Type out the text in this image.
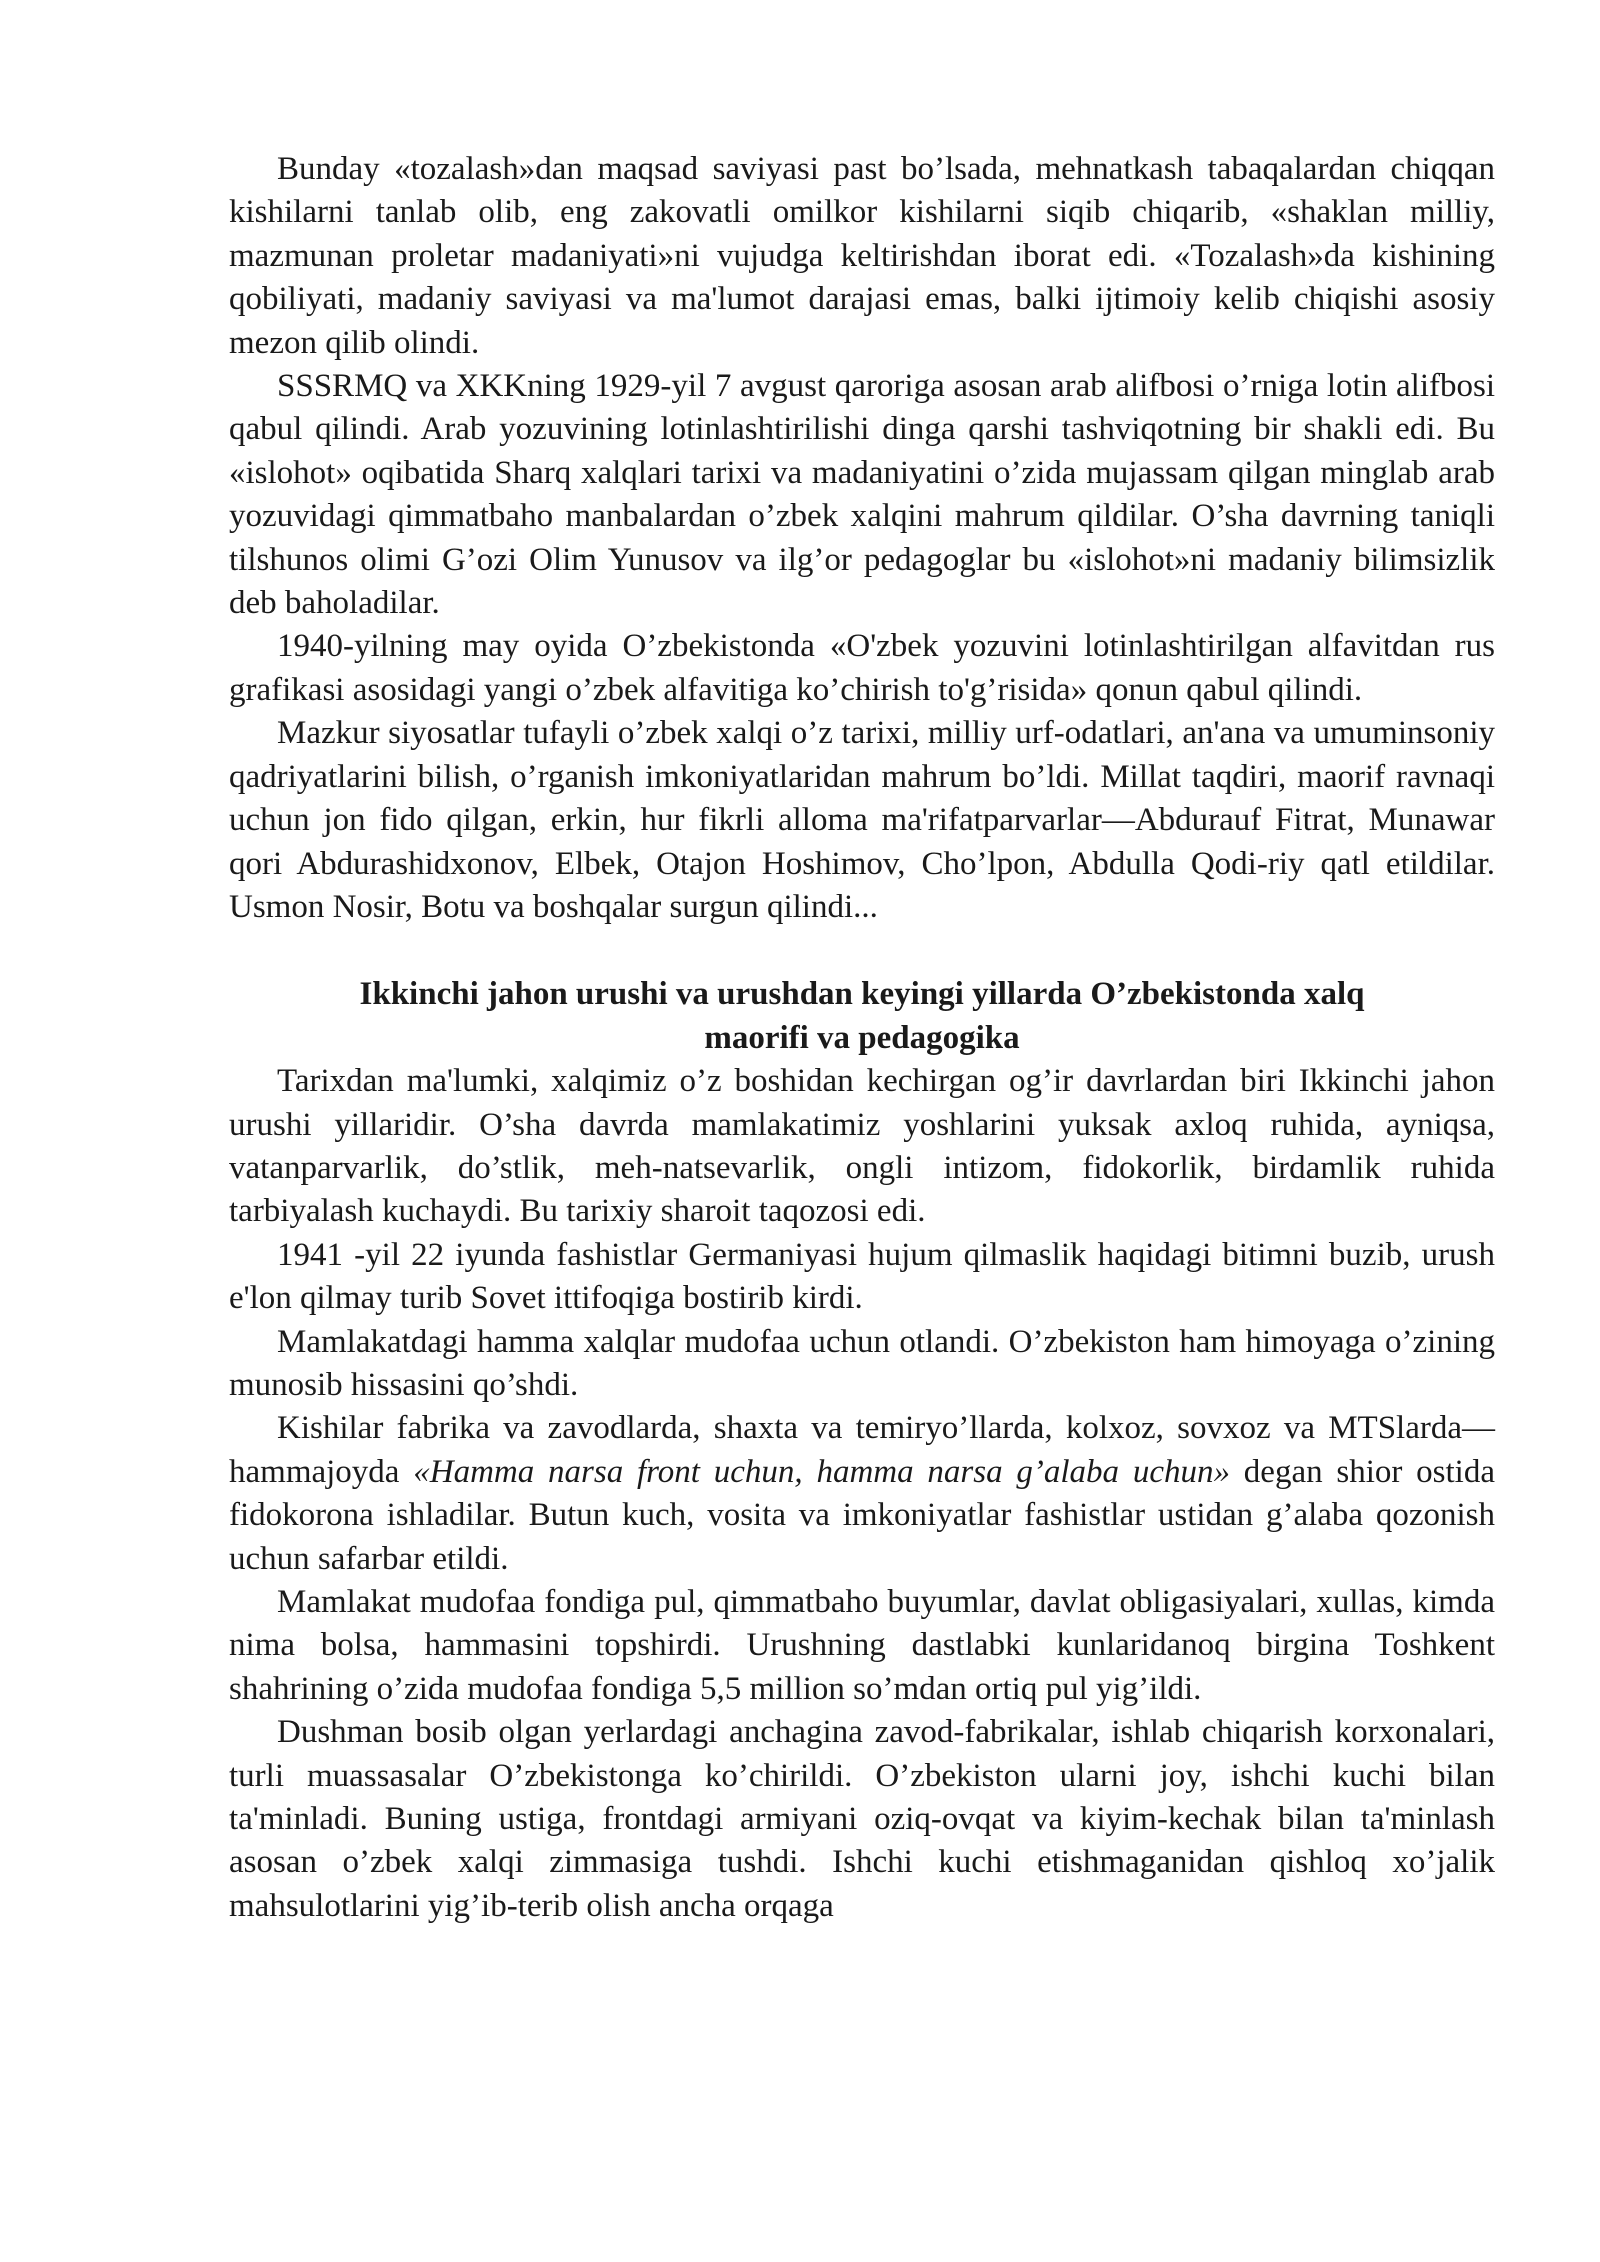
Bunday «tozalash»dan maqsad saviyasi past bo’lsada, mehnatkash tabaqalardan chiqqan kishilarni tanlab olib, eng zakovatli omilkor kishilarni siqib chiqarib, «shaklan milliy, mazmunan proletar madaniyati»ni vujudga keltirishdan iborat edi. «Tozalash»da kishining qobiliyati, madaniy saviyasi va ma'lumot darajasi emas, balki ijtimoiy kelib chiqishi asosiy mezon qilib olindi.

SSSRMQ va XKKning 1929-yil 7 avgust qaroriga asosan arab alifbosi o’rniga lotin alifbosi qabul qilindi. Arab yozuvining lotinlashtirilishi dinga qarshi tashviqotning bir shakli edi. Bu «islohot» oqibatida Sharq xalqlari tarixi va madaniyatini o’zida mujassam qilgan minglab arab yozuvidagi qimmatbaho manbalardan o’zbek xalqini mahrum qildilar. O’sha davrning taniqli tilshunos olimi G’ozi Olim Yunusov va ilg’or pedagoglar bu «islohot»ni madaniy bilimsizlik deb baholadilar.

1940-yilning may oyida O’zbekistonda «O'zbek yozuvini lotinlashtirilgan alfavitdan rus grafikasi asosidagi yangi o’zbek alfavitiga ko’chirish to'g’risida» qonun qabul qilindi.

Mazkur siyosatlar tufayli o’zbek xalqi o’z tarixi, milliy urf-odatlari, an'ana va umuminsoniy qadriyatlarini bilish, o’rganish imkoniyatlaridan mahrum bo’ldi. Millat taqdiri, maorif ravnaqi uchun jon fido qilgan, erkin, hur fikrli alloma ma'rifatparvarlar—Abdurauf Fitrat, Munawar qori Abdurashidxonov, Elbek, Otajon Hoshimov, Cho’lpon, Abdulla Qodi-riy qatl etildilar. Usmon Nosir, Botu va boshqalar surgun qilindi...

Ikkinchi jahon urushi va urushdan keyingi yillarda O’zbekistonda xalq
maorifi va pedagogika

Tarixdan ma'lumki, xalqimiz o’z boshidan kechirgan og’ir davrlardan biri Ikkinchi jahon urushi yillaridir. O’sha davrda mamlakatimiz yoshlarini yuksak axloq ruhida, ayniqsa, vatanparvarlik, do’stlik, meh-natsevarlik, ongli intizom, fidokorlik, birdamlik ruhida tarbiyalash kuchaydi. Bu tarixiy sharoit taqozosi edi.

1941 -yil 22 iyunda fashistlar Germaniyasi hujum qilmaslik haqidagi bitimni buzib, urush e'lon qilmay turib Sovet ittifoqiga bostirib kirdi.

Mamlakatdagi hamma xalqlar mudofaa uchun otlandi. O’zbekiston ham himoyaga o’zining munosib hissasini qo’shdi.

Kishilar fabrika va zavodlarda, shaxta va temiryo’llarda, kolxoz, sovxoz va MTSlarda—hammajoyda «Hamma narsa front uchun, hamma narsa g’alaba uchun» degan shior ostida fidokorona ishladilar. Butun kuch, vosita va imkoniyatlar fashistlar ustidan g’alaba qozonish uchun safarbar etildi.

Mamlakat mudofaa fondiga pul, qimmatbaho buyumlar, davlat obligasiyalari, xullas, kimda nima bolsa, hammasini topshirdi. Urushning dastlabki kunlaridanoq birgina Toshkent shahrining o’zida mudofaa fondiga 5,5 million so’mdan ortiq pul yig’ildi.

Dushman bosib olgan yerlardagi anchagina zavod-fabrikalar, ishlab chiqarish korxonalari, turli muassasalar O’zbekistonga ko’chirildi. O’zbekiston ularni joy, ishchi kuchi bilan ta'minladi. Buning ustiga, frontdagi armiyani oziq-ovqat va kiyim-kechak bilan ta'minlash asosan o’zbek xalqi zimmasiga tushdi. Ishchi kuchi etishmaganidan qishloq xo’jalik mahsulotlarini yig’ib-terib olish ancha orqaga
